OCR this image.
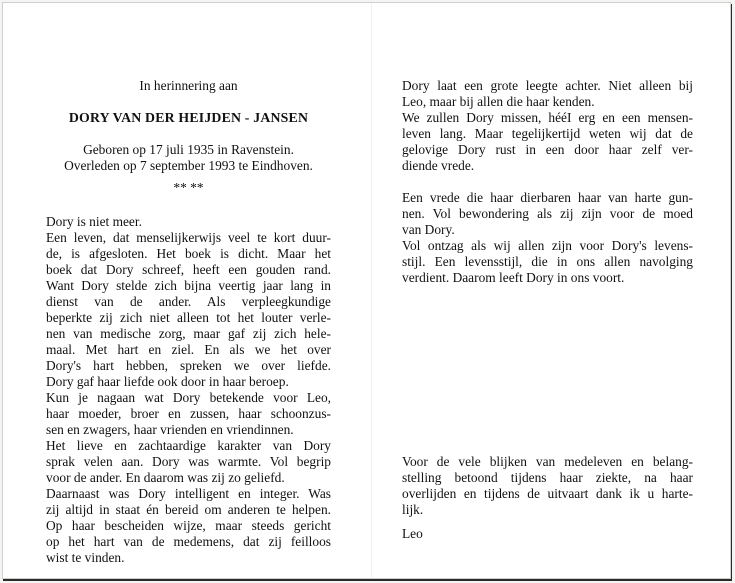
In herinnering aan
DORY VAN DER HEIJDEN - JANSEN
Geboren op 17 juli 1935 in Ravenstein.
Overleden op 7 september 1993 te Eindhoven.
** **
Dory is niet meer.
Een leven, dat menselijkerwijs veel te kort duur-
de, is afgesloten. Het boek is dicht. Maar het
boek dat Dory schreef, heeft een gouden rand.
Want Dory stelde zich bijna veertig jaar lang in
dienst van de ander. Als verpleegkundige
beperkte zij zich niet alleen tot het louter verle-
nen van medische zorg, maar gaf zij zich hele-
maal. Met hart en ziel. En als we het over
Dory's hart hebben, spreken we over liefde.
Dory gaf haar liefde ook door in haar beroep.
Kun je nagaan wat Dory betekende voor Leo,
haar moeder, broer en zussen, haar schoonzus-
sen en zwagers, haar vrienden en vriendinnen.
Het lieve en zachtaardige karakter van Dory
sprak velen aan. Dory was warmte. Vol begrip
voor de ander. En daarom was zij zo geliefd.
Daarnaast was Dory intelligent en integer. Was
zij altijd in staat én bereid om anderen te helpen.
Op haar bescheiden wijze, maar steeds gericht
op het hart van de medemens, dat zij feilloos
wist te vinden.
Dory laat een grote leegte achter. Niet alleen bij
Leo, maar bij allen die haar kenden.
We zullen Dory missen, hééI erg en een mensen-
leven lang. Maar tegelijkertijd weten wij dat de
gelovige Dory rust in een door haar zelf ver-
diende vrede.
Een vrede die haar dierbaren haar van harte gun-
nen. Vol bewondering als zij zijn voor de moed
van Dory.
Vol ontzag als wij allen zijn voor Dory's levens-
stijl. Een levensstijl, die in ons allen navolging
verdient. Daarom leeft Dory in ons voort.
Voor de vele blijken van medeleven en belang-
stelling betoond tijdens haar ziekte, na haar
overlijden en tijdens de uitvaart dank ik u harte-
lijk.
Leo
